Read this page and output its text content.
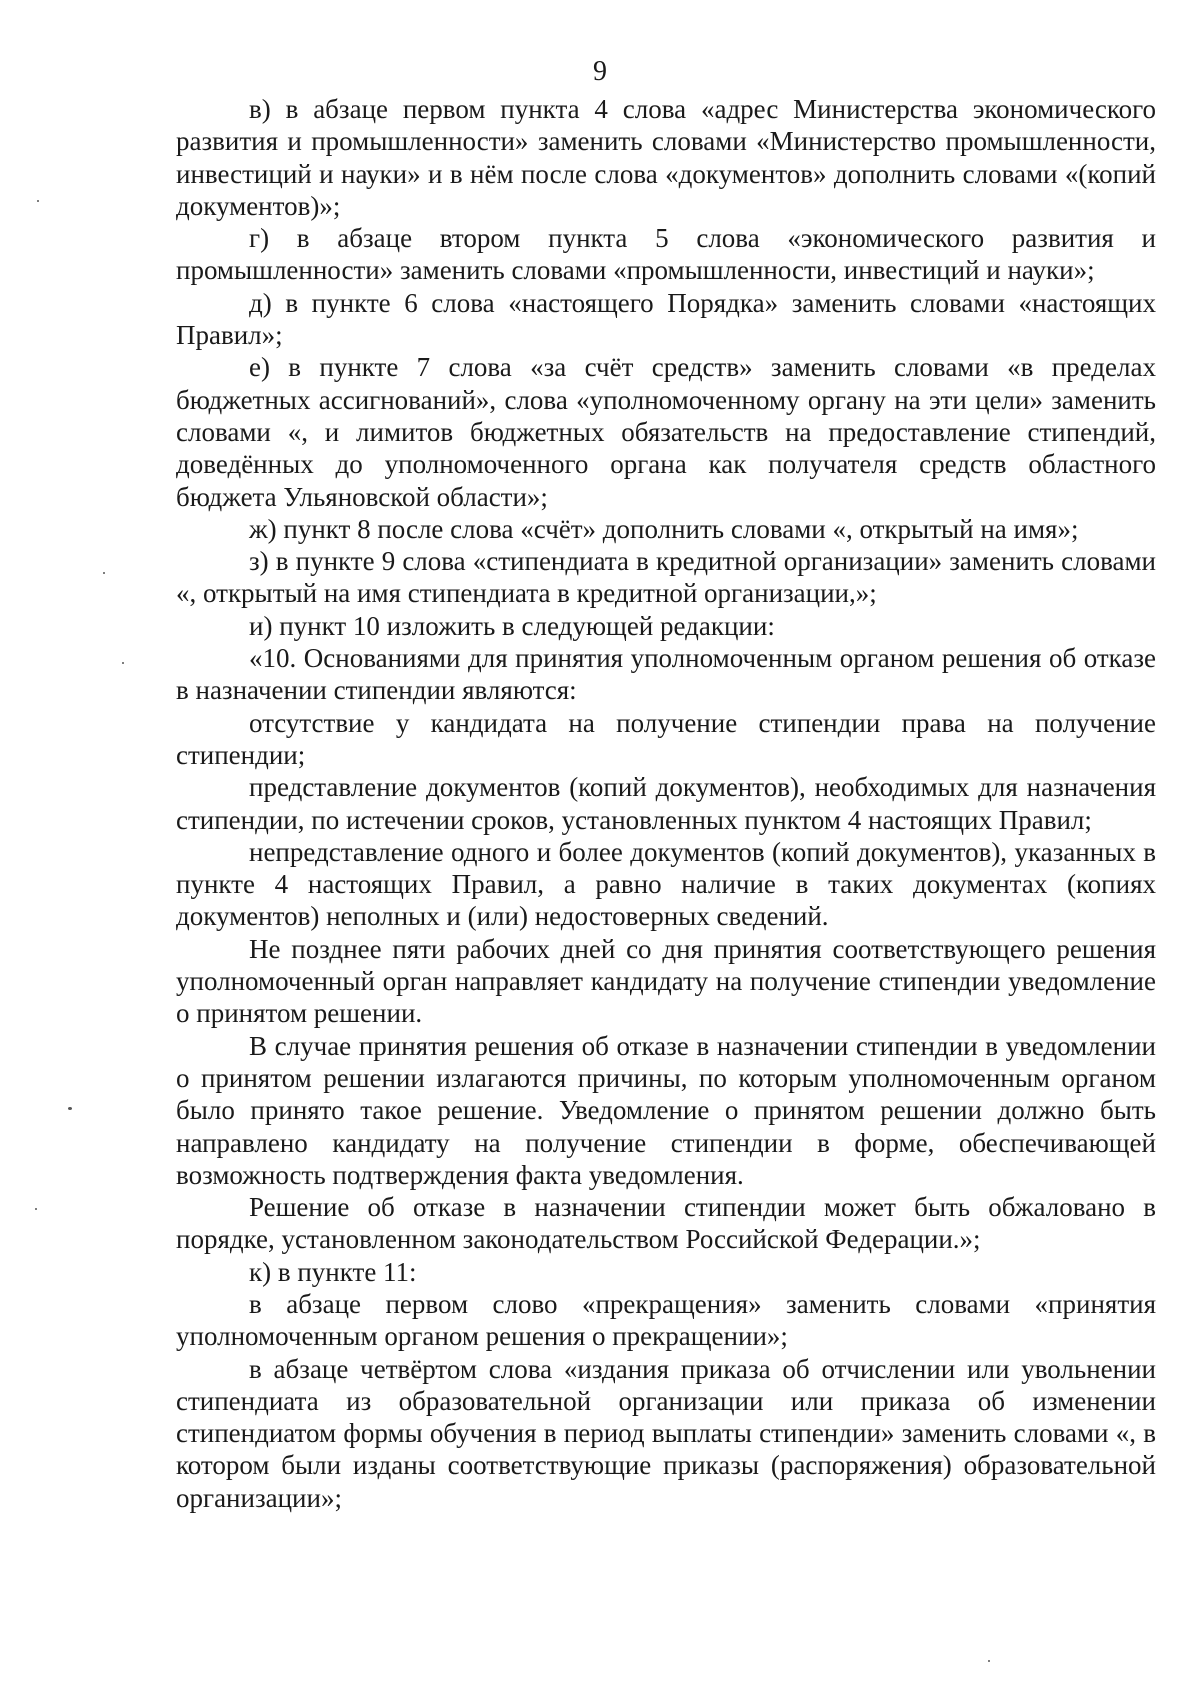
9

в) в абзаце первом пункта 4 слова «адрес Министерства экономического развития и промышленности» заменить словами «Министерство промышленности, инвестиций и науки» и в нём после слова «документов» дополнить словами «(копий документов)»;

г) в абзаце втором пункта 5 слова «экономического развития и промышленности» заменить словами «промышленности, инвестиций и науки»;

д) в пункте 6 слова «настоящего Порядка» заменить словами «настоящих Правил»;

е) в пункте 7 слова «за счёт средств» заменить словами «в пределах бюджетных ассигнований», слова «уполномоченному органу на эти цели» заменить словами «, и лимитов бюджетных обязательств на предоставление стипендий, доведённых до уполномоченного органа как получателя средств областного бюджета Ульяновской области»;

ж) пункт 8 после слова «счёт» дополнить словами «, открытый на имя»;

з) в пункте 9 слова «стипендиата в кредитной организации» заменить словами «, открытый на имя стипендиата в кредитной организации,»;

и) пункт 10 изложить в следующей редакции:

«10. Основаниями для принятия уполномоченным органом решения об отказе в назначении стипендии являются:

отсутствие у кандидата на получение стипендии права на получение стипендии;

представление документов (копий документов), необходимых для назначения стипендии, по истечении сроков, установленных пунктом 4 настоящих Правил;

непредставление одного и более документов (копий документов), указанных в пункте 4 настоящих Правил, а равно наличие в таких документах (копиях документов) неполных и (или) недостоверных сведений.

Не позднее пяти рабочих дней со дня принятия соответствующего решения уполномоченный орган направляет кандидату на получение стипендии уведомление о принятом решении.

В случае принятия решения об отказе в назначении стипендии в уведомлении о принятом решении излагаются причины, по которым уполномоченным органом было принято такое решение. Уведомление о принятом решении должно быть направлено кандидату на получение стипендии в форме, обеспечивающей возможность подтверждения факта уведомления.

Решение об отказе в назначении стипендии может быть обжаловано в порядке, установленном законодательством Российской Федерации.»;

к) в пункте 11:

в абзаце первом слово «прекращения» заменить словами «принятия уполномоченным органом решения о прекращении»;

в абзаце четвёртом слова «издания приказа об отчислении или увольнении стипендиата из образовательной организации или приказа об изменении стипендиатом формы обучения в период выплаты стипендии» заменить словами «, в котором были изданы соответствующие приказы (распоряжения) образовательной организации»;
